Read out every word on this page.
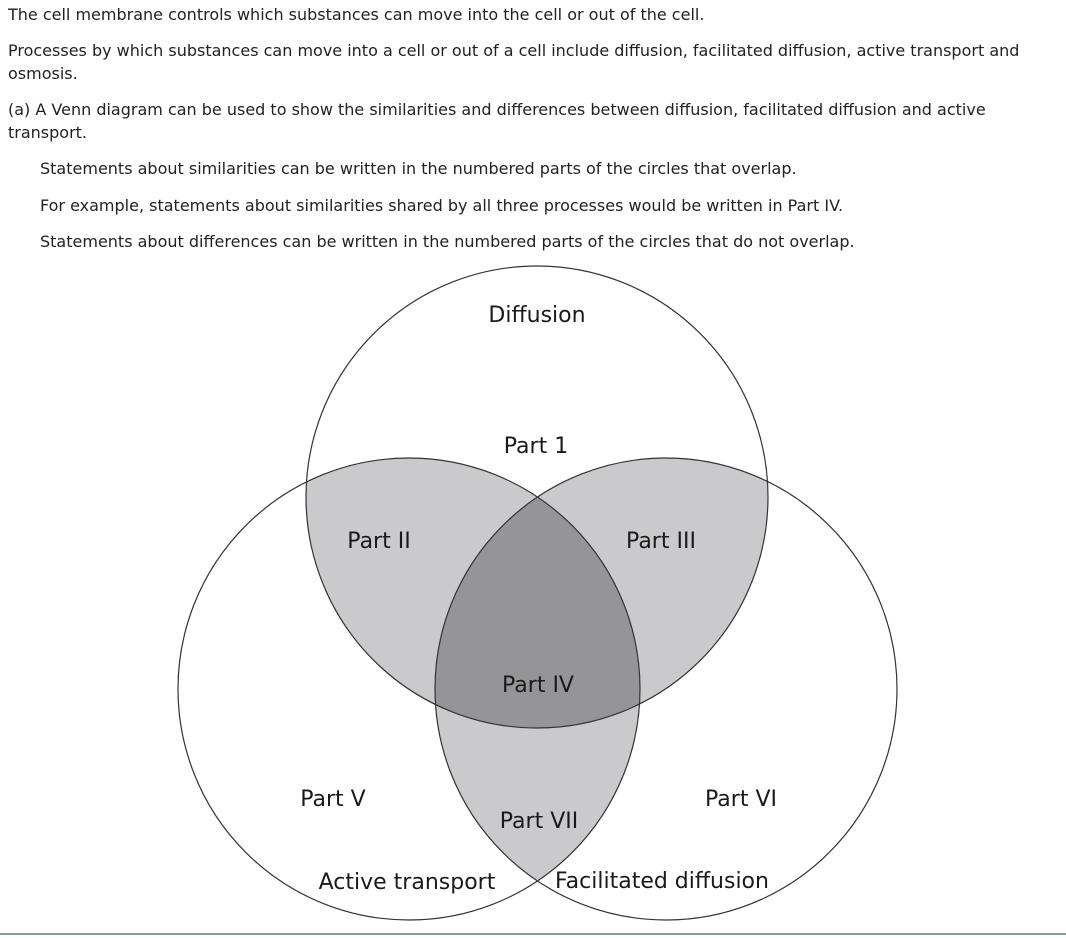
The cell membrane controls which substances can move into the cell or out of the cell.
Processes by which substances can move into a cell or out of a cell include diffusion, facilitated diffusion, active transport and osmosis.
(a) A Venn diagram can be used to show the similarities and differences between diffusion, facilitated diffusion and active transport.
Statements about similarities can be written in the numbered parts of the circles that overlap.
For example, statements about similarities shared by all three processes would be written in Part IV.
Statements about differences can be written in the numbered parts of the circles that do not overlap.
Diffusion
Part 1
Part II	Part III
Part IV
Part V	Part VI
Part VII
Active transport	Facilitated diffusion
